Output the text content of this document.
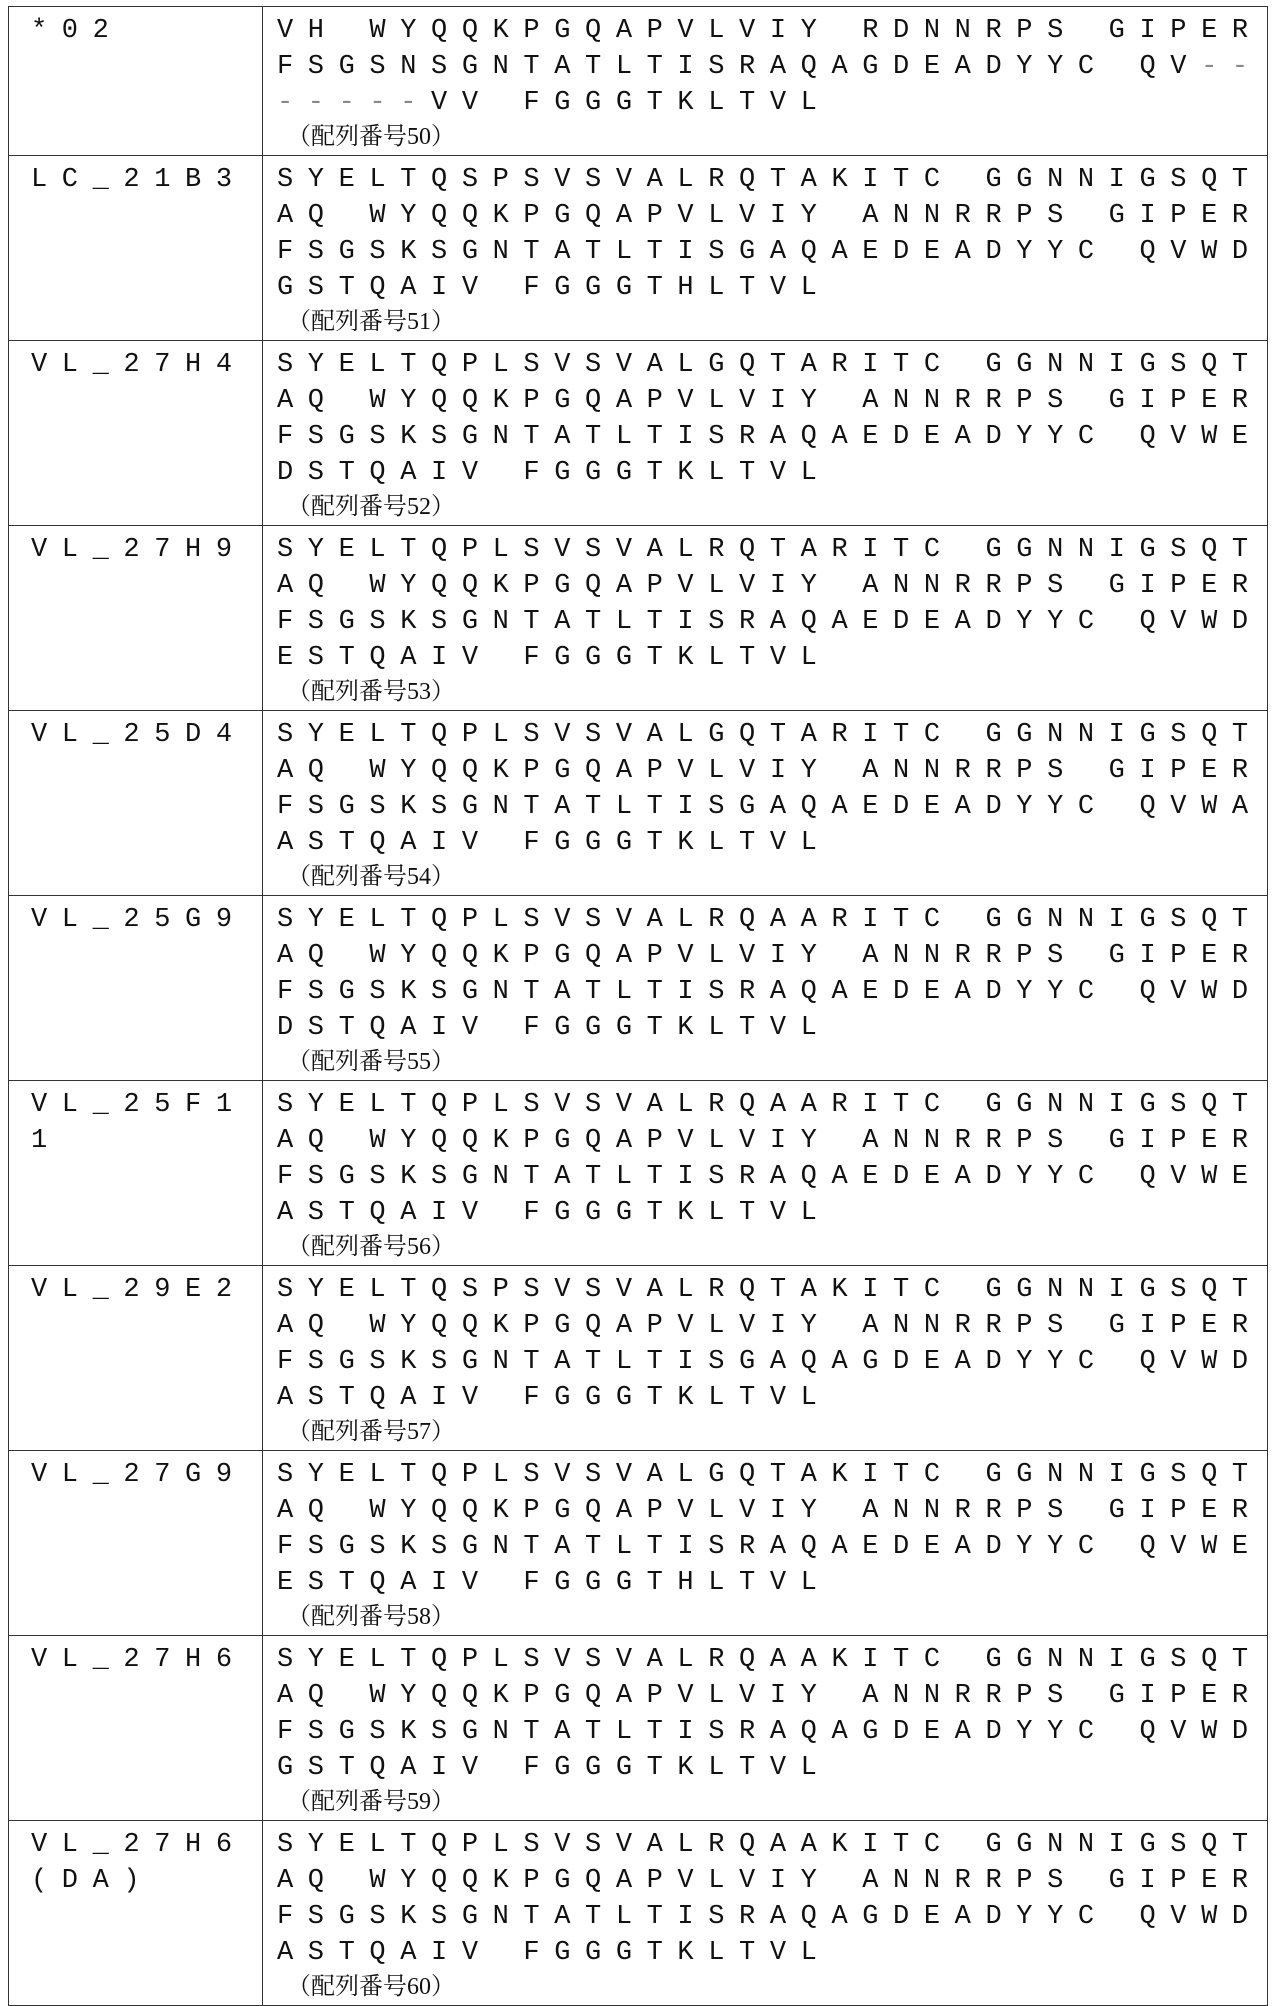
*02	VH WYQQKPGQAPVLVIY RDNNRPS GIPER
FSGSNSGNTATLTISRAQAGDEADYYC QV--
-----VV FGGGTKLTVL
（配列番号50）

LC_21B3	SYELTQSPSVSVALRQTAKITC GGNNIGSQT
AQ WYQQKPGQAPVLVIY ANNRRPS GIPER
FSGSKSGNTATLTISGAQAEDEADYYC QVWD
GSTQAIV FGGGTHLTVL
（配列番号51）

VL_27H4	SYELTQPLSVSVALGQTARITC GGNNIGSQT
AQ WYQQKPGQAPVLVIY ANNRRPS GIPER
FSGSKSGNTATLTISRAQAEDEADYYC QVWE
DSTQAIV FGGGTKLTVL
（配列番号52）

VL_27H9	SYELTQPLSVSVALRQTARITC GGNNIGSQT
AQ WYQQKPGQAPVLVIY ANNRRPS GIPER
FSGSKSGNTATLTISRAQAEDEADYYC QVWD
ESTQAIV FGGGTKLTVL
（配列番号53）

VL_25D4	SYELTQPLSVSVALGQTARITC GGNNIGSQT
AQ WYQQKPGQAPVLVIY ANNRRPS GIPER
FSGSKSGNTATLTISGAQAEDEADYYC QVWA
ASTQAIV FGGGTKLTVL
（配列番号54）

VL_25G9	SYELTQPLSVSVALRQAARITC GGNNIGSQT
AQ WYQQKPGQAPVLVIY ANNRRPS GIPER
FSGSKSGNTATLTISRAQAEDEADYYC QVWD
DSTQAIV FGGGTKLTVL
（配列番号55）

VL_25F11

SYELTQPLSVSVALRQAARITC GGNNIGSQT
AQ WYQQKPGQAPVLVIY ANNRRPS GIPER
FSGSKSGNTATLTISRAQAEDEADYYC QVWE
ASTQAIV FGGGTKLTVL
（配列番号56）

VL_29E2	SYELTQSPSVSVALRQTAKITC GGNNIGSQT
AQ WYQQKPGQAPVLVIY ANNRRPS GIPER
FSGSKSGNTATLTISGAQAGDEADYYC QVWD
ASTQAIV FGGGTKLTVL
（配列番号57）

VL_27G9	SYELTQPLSVSVALGQTAKITC GGNNIGSQT
AQ WYQQKPGQAPVLVIY ANNRRPS GIPER
FSGSKSGNTATLTISRAQAEDEADYYC QVWE
ESTQAIV FGGGTHLTVL
（配列番号58）

VL_27H6	SYELTQPLSVSVALRQAAKITC GGNNIGSQT
AQ WYQQKPGQAPVLVIY ANNRRPS GIPER
FSGSKSGNTATLTISRAQAGDEADYYC QVWD
GSTQAIV FGGGTKLTVL
（配列番号59）

VL_27H6 (DA)

SYELTQPLSVSVALRQAAKITC GGNNIGSQT
AQ WYQQKPGQAPVLVIY ANNRRPS GIPER
FSGSKSGNTATLTISRAQAGDEADYYC QVWD
ASTQAIV FGGGTKLTVL
（配列番号60）
